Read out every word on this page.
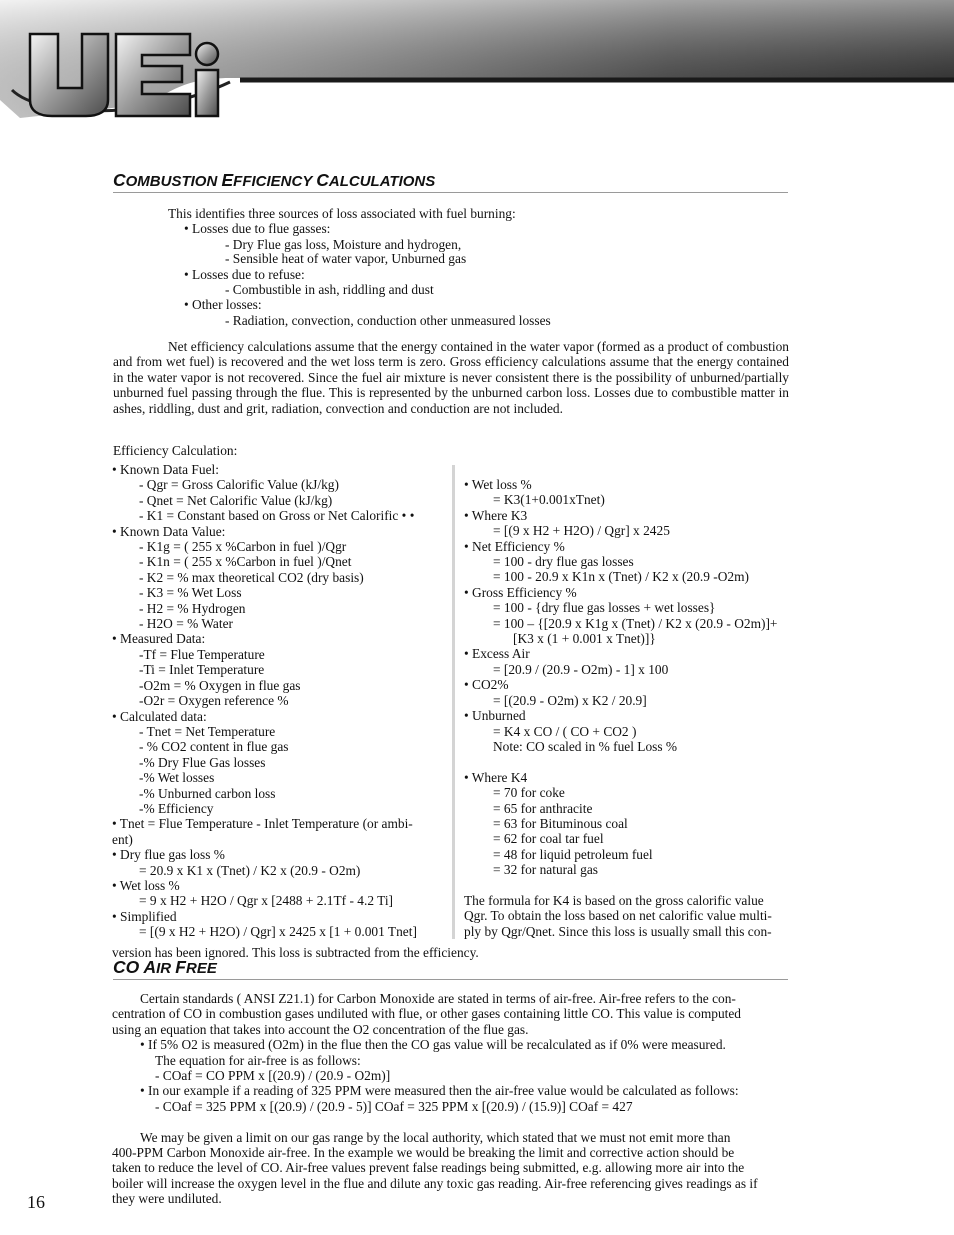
COMBUSTION EFFICIENCY CALCULATIONS
This identifies three sources of loss associated with fuel burning:
• Losses due to flue gasses:
- Dry Flue gas loss, Moisture and hydrogen,
- Sensible heat of water vapor, Unburned gas
• Losses due to refuse:
- Combustible in ash, riddling and dust
• Other losses:
- Radiation, convection, conduction other unmeasured losses

Net efficiency calculations assume that the energy contained in the water vapor (formed as a product of combustion and from wet fuel) is recovered and the wet loss term is zero. Gross efficiency calculations assume that the energy contained in the water vapor is not recovered. Since the fuel air mixture is never consistent there is the possibility of unburned/partially unburned fuel passing through the flue. This is represented by the unburned carbon loss. Losses due to combustible matter in ashes, riddling, dust and grit, radiation, convection and conduction are not included.

Efficiency Calculation:
• Known Data Fuel:
- Qgr = Gross Calorific Value (kJ/kg)
- Qnet = Net Calorific Value (kJ/kg)
- K1 = Constant based on Gross or Net Calorific • •
• Known Data Value:
- K1g = ( 255 x %Carbon in fuel )/Qgr
- K1n = ( 255 x %Carbon in fuel )/Qnet
- K2 = % max theoretical CO2 (dry basis)
- K3 = % Wet Loss
- H2 = % Hydrogen
- H2O = % Water
• Measured Data:
-Tf = Flue Temperature
-Ti = Inlet Temperature
-O2m = % Oxygen in flue gas
-O2r = Oxygen reference %
• Calculated data:
- Tnet = Net Temperature
- % CO2 content in flue gas
-% Dry Flue Gas losses
-% Wet losses
-% Unburned carbon loss
-% Efficiency
• Tnet = Flue Temperature - Inlet Temperature (or ambi-
ent)
• Dry flue gas loss %
= 20.9 x K1 x (Tnet) / K2 x (20.9 - O2m)
• Wet loss %
= 9 x H2 + H2O / Qgr x [2488 + 2.1Tf - 4.2 Ti]
• Simplified
= [(9 x H2 + H2O) / Qgr] x 2425 x [1 + 0.001 Tnet]
• Wet loss %
= K3(1+0.001xTnet)
• Where K3
= [(9 x H2 + H2O) / Qgr] x 2425
• Net Efficiency %
= 100 - dry flue gas losses
= 100 - 20.9 x K1n x (Tnet) / K2 x (20.9 -O2m)
• Gross Efficiency %
= 100 - {dry flue gas losses + wet losses}
= 100 – {[20.9 x K1g x (Tnet) / K2 x (20.9 - O2m)]+
[K3 x (1 + 0.001 x Tnet)]}
• Excess Air
= [20.9 / (20.9 - O2m) - 1] x 100
• CO2%
= [(20.9 - O2m) x K2 / 20.9]
• Unburned
= K4 x CO / ( CO + CO2 )
Note: CO scaled in % fuel Loss %
• Where K4
= 70 for coke
= 65 for anthracite
= 63 for Bituminous coal
= 62 for coal tar fuel
= 48 for liquid petroleum fuel
= 32 for natural gas
The formula for K4 is based on the gross calorific value
Qgr. To obtain the loss based on net calorific value multi-
ply by Qgr/Qnet. Since this loss is usually small this con-
version has been ignored. This loss is subtracted from the efficiency.
CO AIR FREE
Certain standards ( ANSI Z21.1) for Carbon Monoxide are stated in terms of air-free. Air-free refers to the con-
centration of CO in combustion gases undiluted with flue, or other gases containing little CO. This value is computed
using an equation that takes into account the O2 concentration of the flue gas.
• If 5% O2 is measured (O2m) in the flue then the CO gas value will be recalculated as if 0% were measured.
The equation for air-free is as follows:
- COaf = CO PPM x [(20.9) / (20.9 - O2m)]
• In our example if a reading of 325 PPM were measured then the air-free value would be calculated as follows:
- COaf = 325 PPM x [(20.9) / (20.9 - 5)] COaf = 325 PPM x [(20.9) / (15.9)] COaf = 427
We may be given a limit on our gas range by the local authority, which stated that we must not emit more than
400-PPM Carbon Monoxide air-free. In the example we would be breaking the limit and corrective action should be
taken to reduce the level of CO. Air-free values prevent false readings being submitted, e.g. allowing more air into the
boiler will increase the oxygen level in the flue and dilute any toxic gas reading. Air-free referencing gives readings as if
they were undiluted.
16
